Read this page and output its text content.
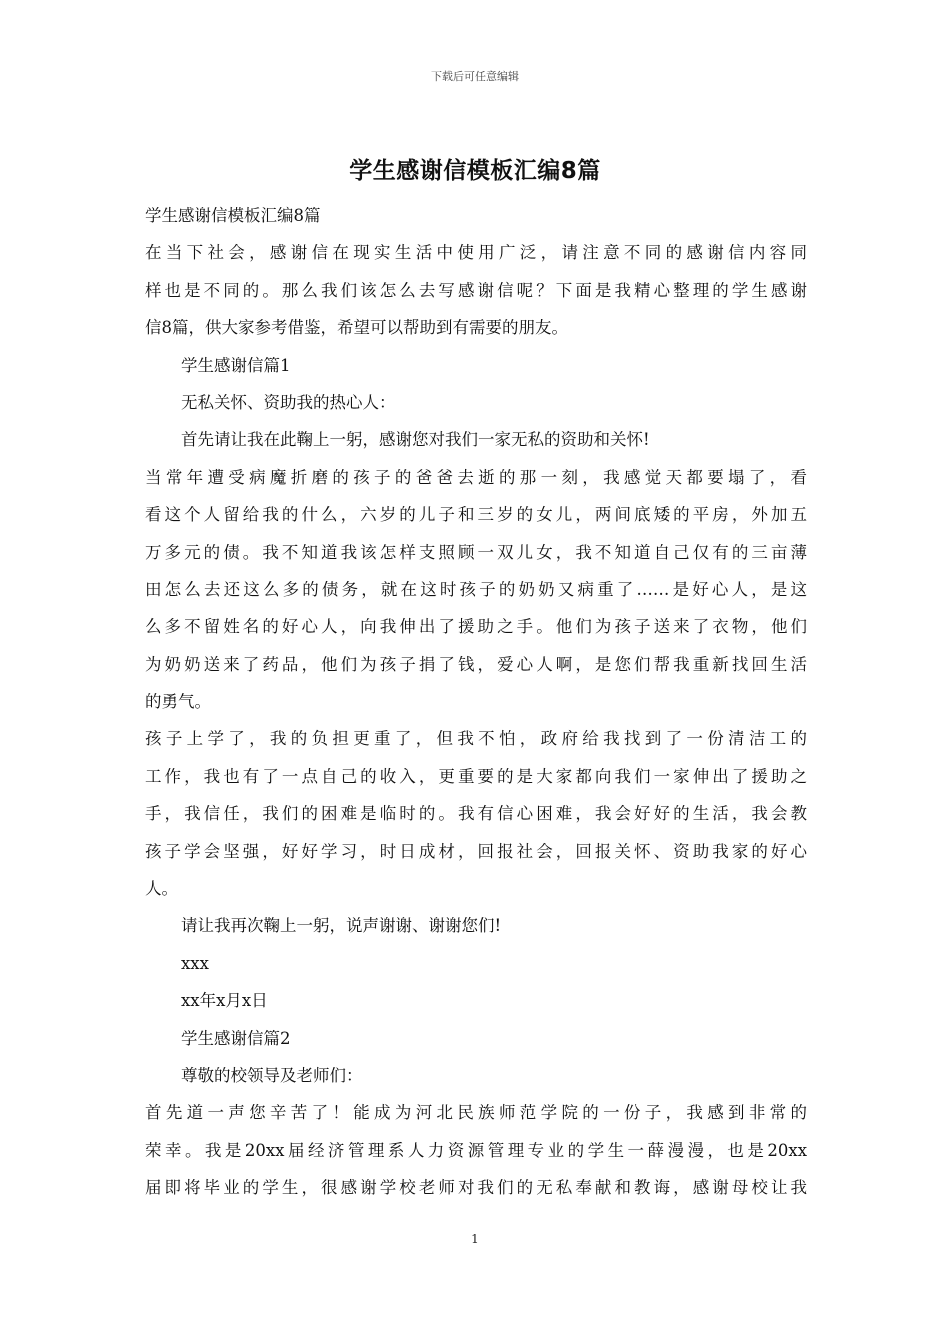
下载后可任意编辑
学生感谢信模板汇编8篇
学生感谢信模板汇编8篇
在当下社会，感谢信在现实生活中使用广泛，请注意不同的感谢信内容同
样也是不同的。那么我们该怎么去写感谢信呢？下面是我精心整理的学生感谢
信8篇，供大家参考借鉴，希望可以帮助到有需要的朋友。
学生感谢信篇1
无私关怀、资助我的热心人：
首先请让我在此鞠上一躬，感谢您对我们一家无私的资助和关怀!
当常年遭受病魔折磨的孩子的爸爸去逝的那一刻，我感觉天都要塌了，看
看这个人留给我的什么，六岁的儿子和三岁的女儿，两间底矮的平房，外加五
万多元的债。我不知道我该怎样支照顾一双儿女，我不知道自己仅有的三亩薄
田怎么去还这么多的债务，就在这时孩子的奶奶又病重了……是好心人，是这
么多不留姓名的好心人，向我伸出了援助之手。他们为孩子送来了衣物，他们
为奶奶送来了药品，他们为孩子捐了钱，爱心人啊，是您们帮我重新找回生活
的勇气。
孩子上学了，我的负担更重了，但我不怕，政府给我找到了一份清洁工的
工作，我也有了一点自己的收入，更重要的是大家都向我们一家伸出了援助之
手，我信任，我们的困难是临时的。我有信心困难，我会好好的生活，我会教
孩子学会坚强，好好学习，时日成材，回报社会，回报关怀、资助我家的好心
人。
请让我再次鞠上一躬，说声谢谢、谢谢您们!
xxx
xx年x月x日
学生感谢信篇2
尊敬的校领导及老师们：
首先道一声您辛苦了！能成为河北民族师范学院的一份子，我感到非常的
荣幸。我是20xx届经济管理系人力资源管理专业的学生一薛漫漫，也是20xx
届即将毕业的学生，很感谢学校老师对我们的无私奉献和教诲，感谢母校让我
1
